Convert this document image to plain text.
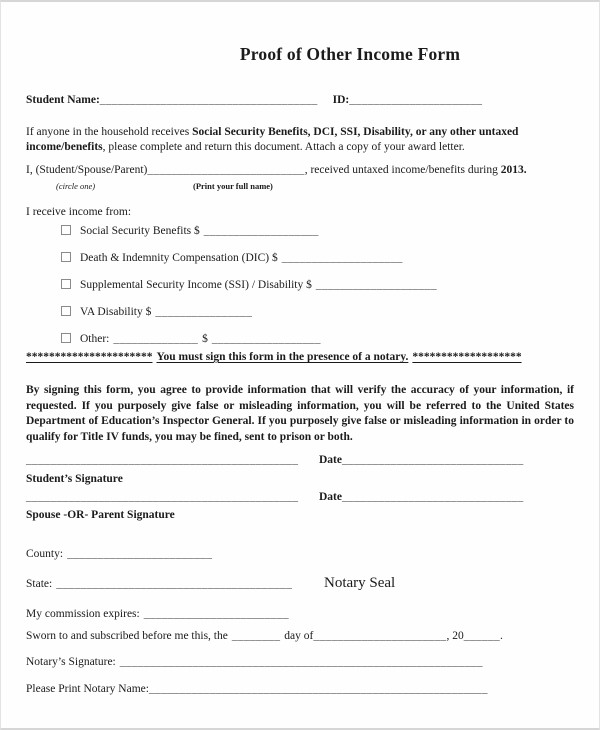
Proof of Other Income Form
Student Name:____________________________________ ID:______________________

If anyone in the household receives Social Security Benefits, DCI, SSI, Disability, or any other untaxed income/benefits, please complete and return this document. Attach a copy of your award letter.

I, (Student/Spouse/Parent)__________________________, received untaxed income/benefits during 2013.
(circle one)	(Print your full name)
I receive income from:
Social Security Benefits $ ___________________
Death & Indemnity Compensation (DIC) $ ____________________
Supplemental Security Income (SSI) / Disability $ ____________________
VA Disability $ ________________
Other: ______________ $ __________________
********************** You must sign this form in the presence of a notary. *******************

By signing this form, you agree to provide information that will verify the accuracy of your information, if requested. If you purposely give false or misleading information, you will be referred to the United States Department of Education’s Inspector General. If you purposely give false or misleading information in order to qualify for Title IV funds, you may be fined, sent to prison or both.

_____________________________________________ Date______________________________
Student’s Signature
_____________________________________________ Date______________________________
Spouse -OR- Parent Signature
County: ________________________
State: _______________________________________	Notary Seal
My commission expires: ________________________
Sworn to and subscribed before me this, the ________ day of______________________, 20______.
Notary’s Signature: ____________________________________________________________
Please Print Notary Name:________________________________________________________
